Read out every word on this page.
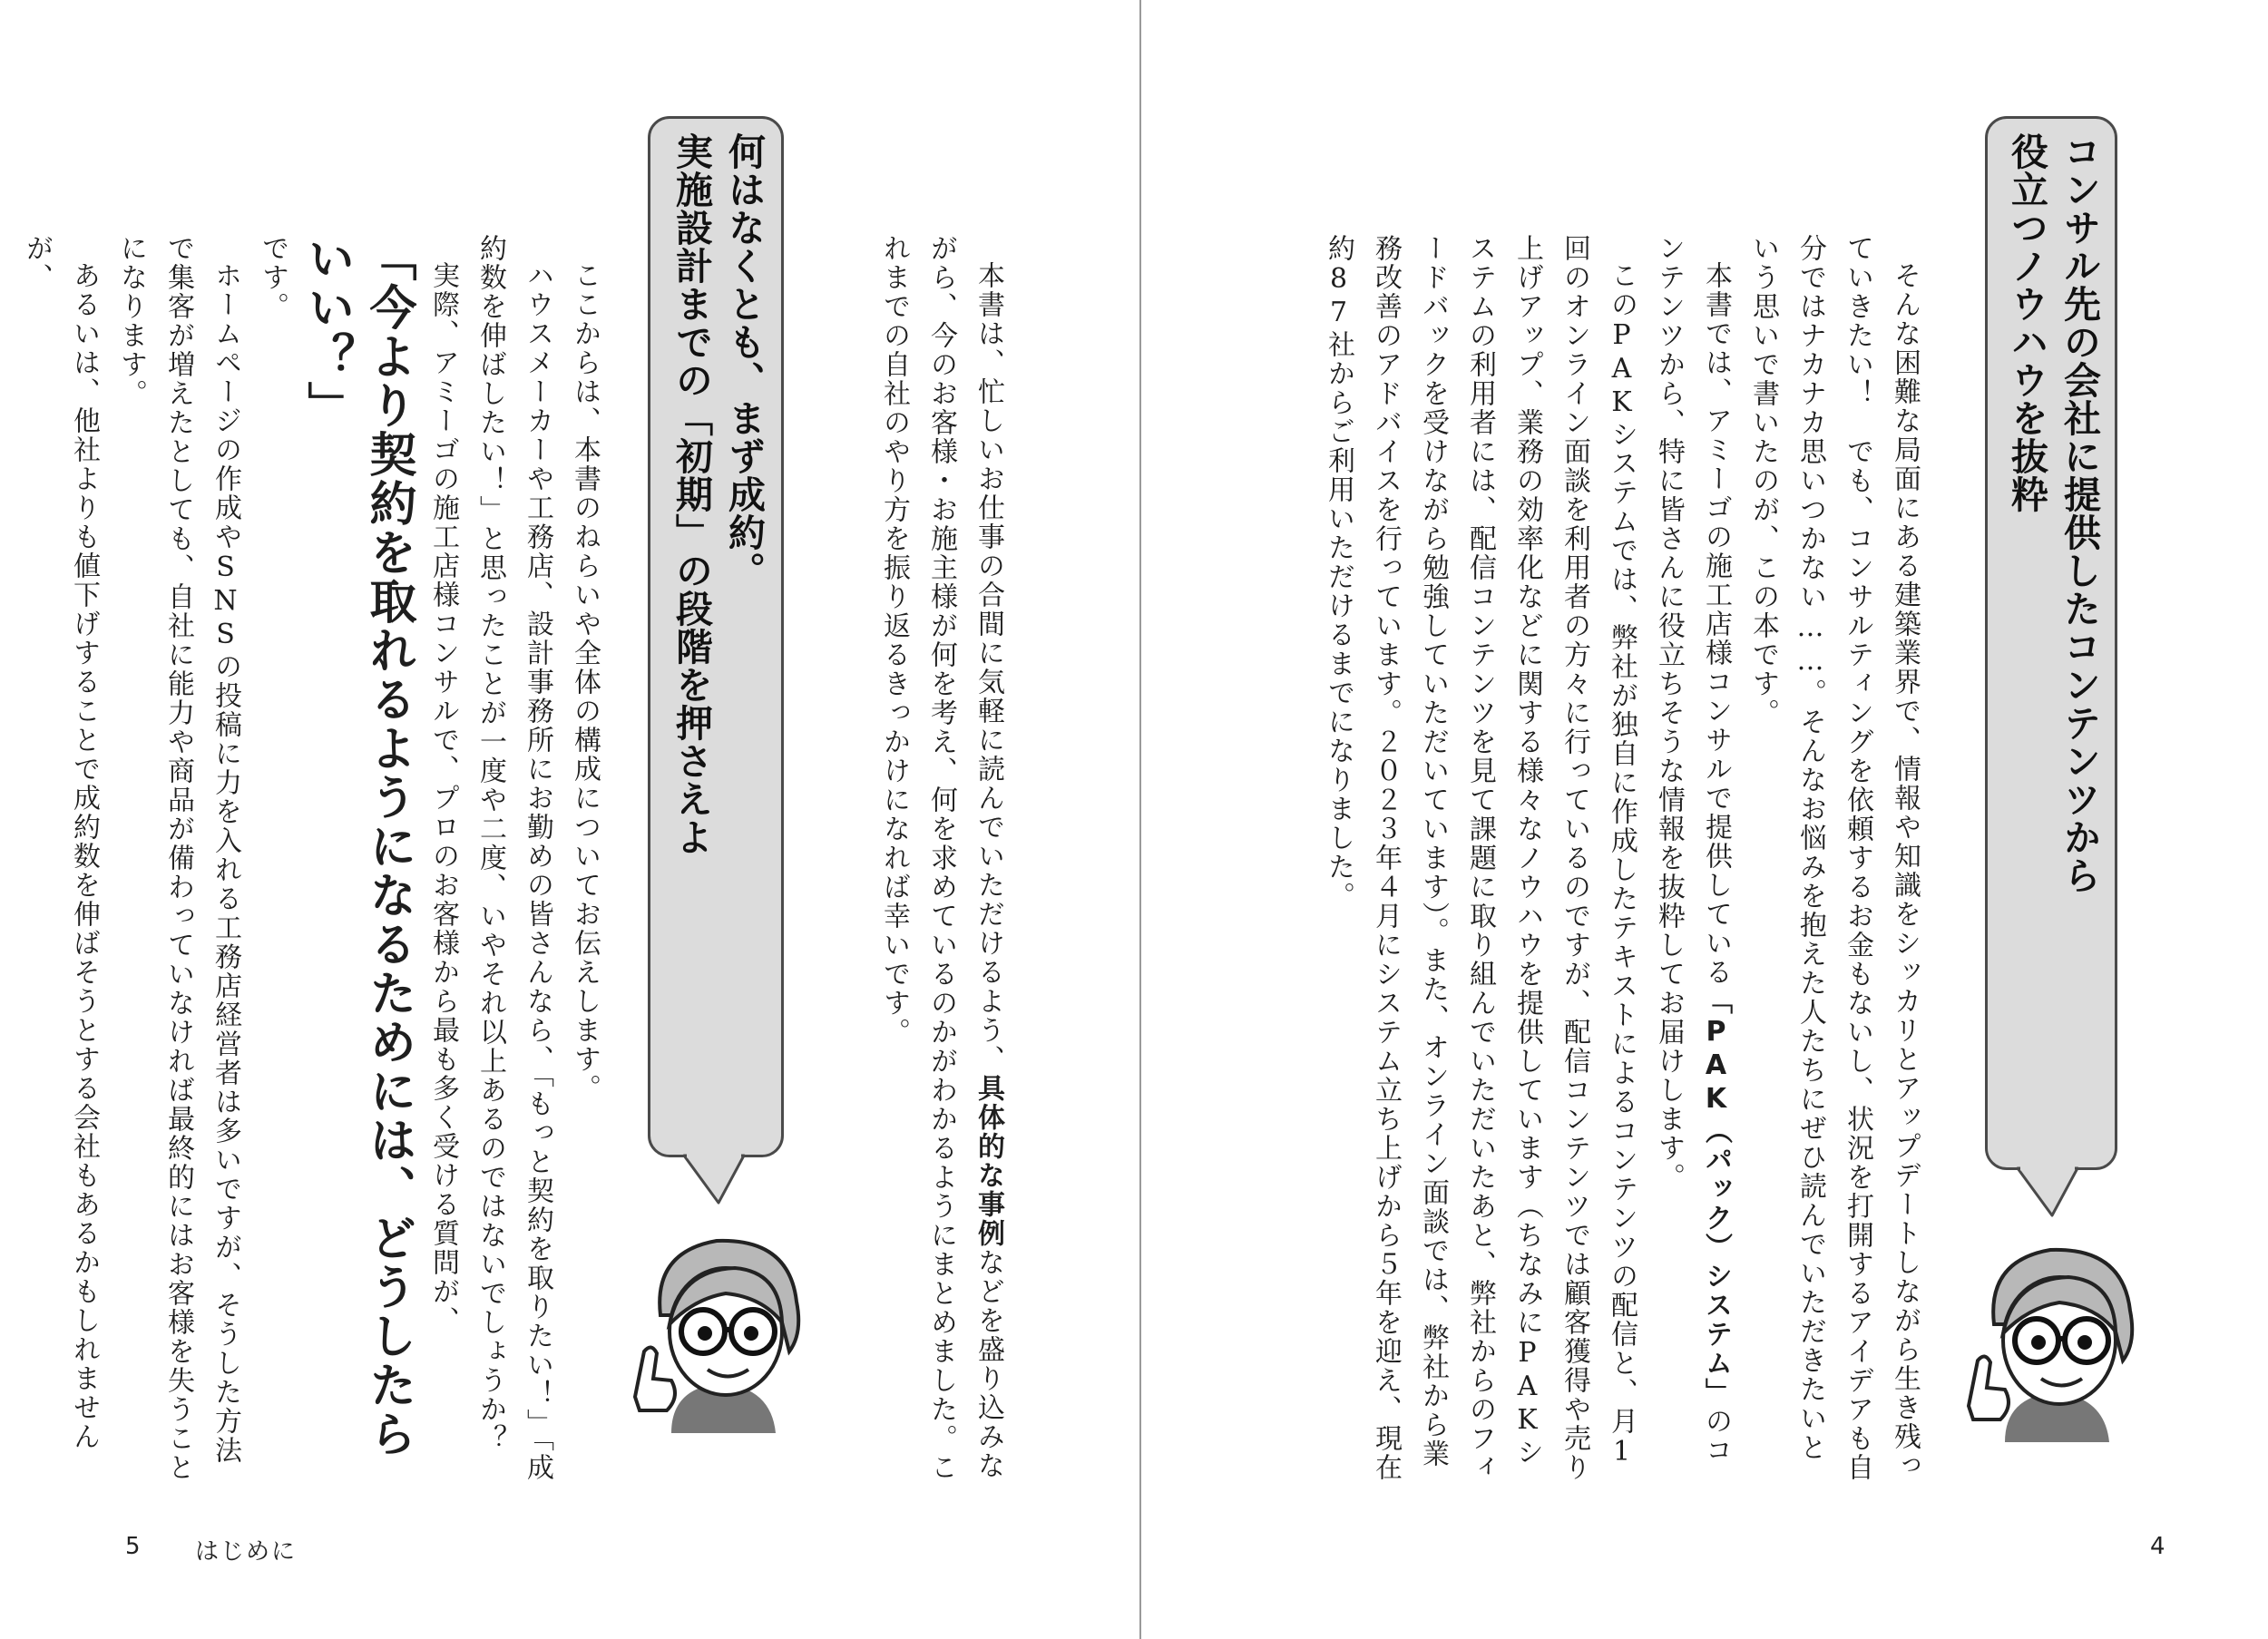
コンサル先の会社に提供したコンテンツから
役立つノウハウを抜粋

そんな困難な局面にある建築業界で、情報や知識をシッカリとアップデートしながら生き残っていきたい！　でも、コンサルティングを依頼するお金もないし、状況を打開するアイデアも自分ではナカナカ思いつかない……。そんなお悩みを抱えた人たちにぜひ読んでいただきたいという思いで書いたのが、この本です。

本書では、アミーゴの施工店様コンサルで提供している「PAK（パック）システム」のコンテンツから、特に皆さんに役立ちそうな情報を抜粋してお届けします。

このPAKシステムでは、弊社が独自に作成したテキストによるコンテンツの配信と、月1回のオンライン面談を利用者の方々に行っているのですが、配信コンテンツでは顧客獲得や売り上げアップ、業務の効率化などに関する様々なノウハウを提供しています（ちなみにPAKシステムの利用者には、配信コンテンツを見て課題に取り組んでいただいたあと、弊社からのフィードバックを受けながら勉強していただいています）。また、オンライン面談では、弊社から業務改善のアドバイスを行っています。２０２３年４月にシステム立ち上げから５年を迎え、現在約87社からご利用いただけるまでになりました。

4
何はなくとも、まず成約。
実施設計までの「初期」の段階を押さえよ	本書は、忙しいお仕事の合間に気軽に読んでいただけるよう、具体的な事例などを盛り込みながら、今のお客様・お施主様が何を考え、何を求めているのかがわかるようにまとめました。これまでの自社のやり方を振り返るきっかけになれば幸いです。

ここからは、本書のねらいや全体の構成についてお伝えします。

ハウスメーカーや工務店、設計事務所にお勤めの皆さんなら、「もっと契約を取りたい！」「成約数を伸ばしたい！」と思ったことが一度や二度、いやそれ以上あるのではないでしょうか？

実際、アミーゴの施工店様コンサルで、プロのお客様から最も多く受ける質問が、

「今より契約を取れるようになるためには、どうしたらいい？」

です。

ホームページの作成やSNSの投稿に力を入れる工務店経営者は多いですが、そうした方法で集客が増えたとしても、自社に能力や商品が備わっていなければ最終的にはお客様を失うことになります。

あるいは、他社よりも値下げすることで成約数を伸ばそうとする会社もあるかもしれませんが、

5 はじめに
